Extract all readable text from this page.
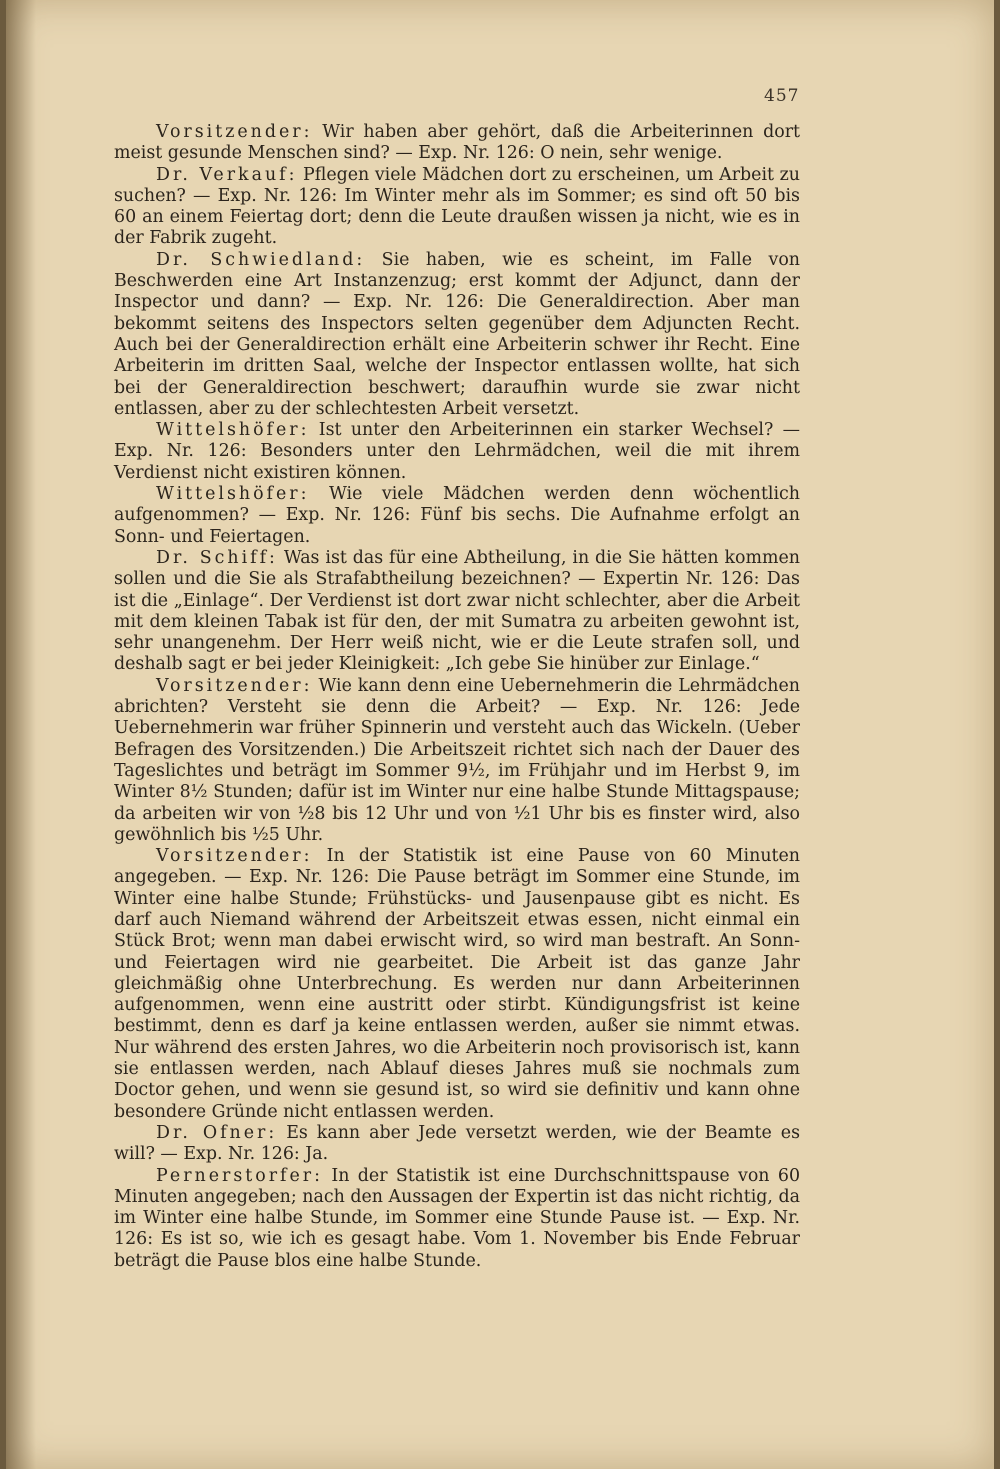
457

Vorsitzender: Wir haben aber gehört, daß die Arbeiterinnen dort meist gesunde Menschen sind? — Exp. Nr. 126: O nein, sehr wenige.

Dr. Verkauf: Pflegen viele Mädchen dort zu erscheinen, um Arbeit zu suchen? — Exp. Nr. 126: Im Winter mehr als im Sommer; es sind oft 50 bis 60 an einem Feiertag dort; denn die Leute draußen wissen ja nicht, wie es in der Fabrik zugeht.

Dr. Schwiedland: Sie haben, wie es scheint, im Falle von Beschwerden eine Art Instanzenzug; erst kommt der Adjunct, dann der Inspector und dann? — Exp. Nr. 126: Die Generaldirection. Aber man bekommt seitens des Inspectors selten gegenüber dem Adjuncten Recht. Auch bei der Generaldirection erhält eine Arbeiterin schwer ihr Recht. Eine Arbeiterin im dritten Saal, welche der Inspector entlassen wollte, hat sich bei der Generaldirection beschwert; daraufhin wurde sie zwar nicht entlassen, aber zu der schlechtesten Arbeit versetzt.

Wittelshöfer: Ist unter den Arbeiterinnen ein starker Wechsel? — Exp. Nr. 126: Besonders unter den Lehrmädchen, weil die mit ihrem Verdienst nicht existiren können.

Wittelshöfer: Wie viele Mädchen werden denn wöchentlich aufgenommen? — Exp. Nr. 126: Fünf bis sechs. Die Aufnahme erfolgt an Sonn- und Feiertagen.

Dr. Schiff: Was ist das für eine Abtheilung, in die Sie hätten kommen sollen und die Sie als Strafabtheilung bezeichnen? — Expertin Nr. 126: Das ist die „Einlage“. Der Verdienst ist dort zwar nicht schlechter, aber die Arbeit mit dem kleinen Tabak ist für den, der mit Sumatra zu arbeiten gewohnt ist, sehr unangenehm. Der Herr weiß nicht, wie er die Leute strafen soll, und deshalb sagt er bei jeder Kleinigkeit: „Ich gebe Sie hinüber zur Einlage.“

Vorsitzender: Wie kann denn eine Uebernehmerin die Lehrmädchen abrichten? Versteht sie denn die Arbeit? — Exp. Nr. 126: Jede Uebernehmerin war früher Spinnerin und versteht auch das Wickeln. (Ueber Befragen des Vorsitzenden.) Die Arbeitszeit richtet sich nach der Dauer des Tageslichtes und beträgt im Sommer 9½, im Frühjahr und im Herbst 9, im Winter 8½ Stunden; dafür ist im Winter nur eine halbe Stunde Mittagspause; da arbeiten wir von ½8 bis 12 Uhr und von ½1 Uhr bis es finster wird, also gewöhnlich bis ½5 Uhr.

Vorsitzender: In der Statistik ist eine Pause von 60 Minuten angegeben. — Exp. Nr. 126: Die Pause beträgt im Sommer eine Stunde, im Winter eine halbe Stunde; Frühstücks- und Jausenpause gibt es nicht. Es darf auch Niemand während der Arbeitszeit etwas essen, nicht einmal ein Stück Brot; wenn man dabei erwischt wird, so wird man bestraft. An Sonn- und Feiertagen wird nie gearbeitet. Die Arbeit ist das ganze Jahr gleichmäßig ohne Unterbrechung. Es werden nur dann Arbeiterinnen aufgenommen, wenn eine austritt oder stirbt. Kündigungsfrist ist keine bestimmt, denn es darf ja keine entlassen werden, außer sie nimmt etwas. Nur während des ersten Jahres, wo die Arbeiterin noch provisorisch ist, kann sie entlassen werden, nach Ablauf dieses Jahres muß sie nochmals zum Doctor gehen, und wenn sie gesund ist, so wird sie definitiv und kann ohne besondere Gründe nicht entlassen werden.

Dr. Ofner: Es kann aber Jede versetzt werden, wie der Beamte es will? — Exp. Nr. 126: Ja.

Pernerstorfer: In der Statistik ist eine Durchschnittspause von 60 Minuten angegeben; nach den Aussagen der Expertin ist das nicht richtig, da im Winter eine halbe Stunde, im Sommer eine Stunde Pause ist. — Exp. Nr. 126: Es ist so, wie ich es gesagt habe. Vom 1. November bis Ende Februar beträgt die Pause blos eine halbe Stunde.
